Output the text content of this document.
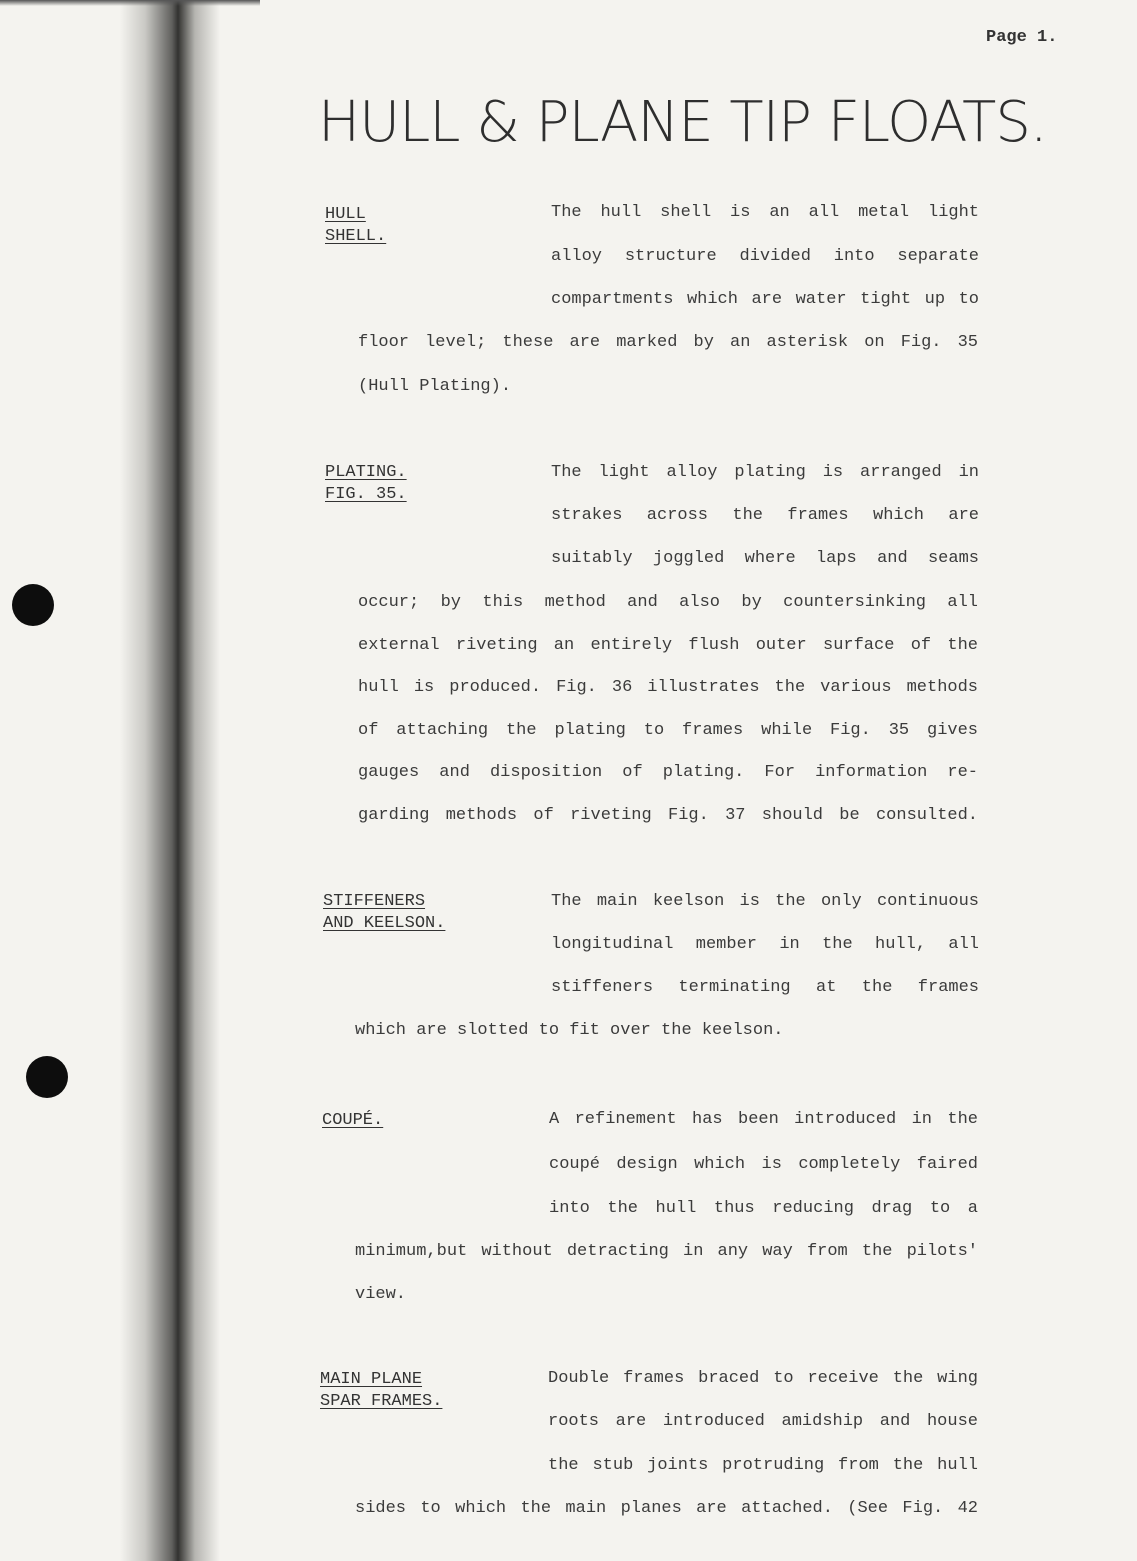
Page 1.
HULL & PLANE TIP FLOATS.
HULL
SHELL.
The hull shell is an all metal light
alloy structure divided into separate
compartments which are water tight up to
floor level; these are marked by an asterisk on Fig. 35
(Hull Plating).
PLATING.
FIG. 35.
The light alloy plating is arranged in
strakes across the frames which are
suitably joggled where laps and seams
occur; by this method and also by countersinking all
external riveting an entirely flush outer surface of the
hull is produced. Fig. 36 illustrates the various methods
of attaching the plating to frames while Fig. 35 gives
gauges and disposition of plating. For information re-
garding methods of riveting Fig. 37 should be consulted.
STIFFENERS
AND KEELSON.
The main keelson is the only continuous
longitudinal member in the hull, all
stiffeners terminating at the frames
which are slotted to fit over the keelson.
COUPÉ.	A refinement has been introduced in the
coupé design which is completely faired
into the hull thus reducing drag to a
minimum,but without detracting in any way from the pilots'
view.
MAIN PLANE
SPAR FRAMES.
Double frames braced to receive the wing
roots are introduced amidship and house
the stub joints protruding from the hull
sides to which the main planes are attached. (See Fig. 42
